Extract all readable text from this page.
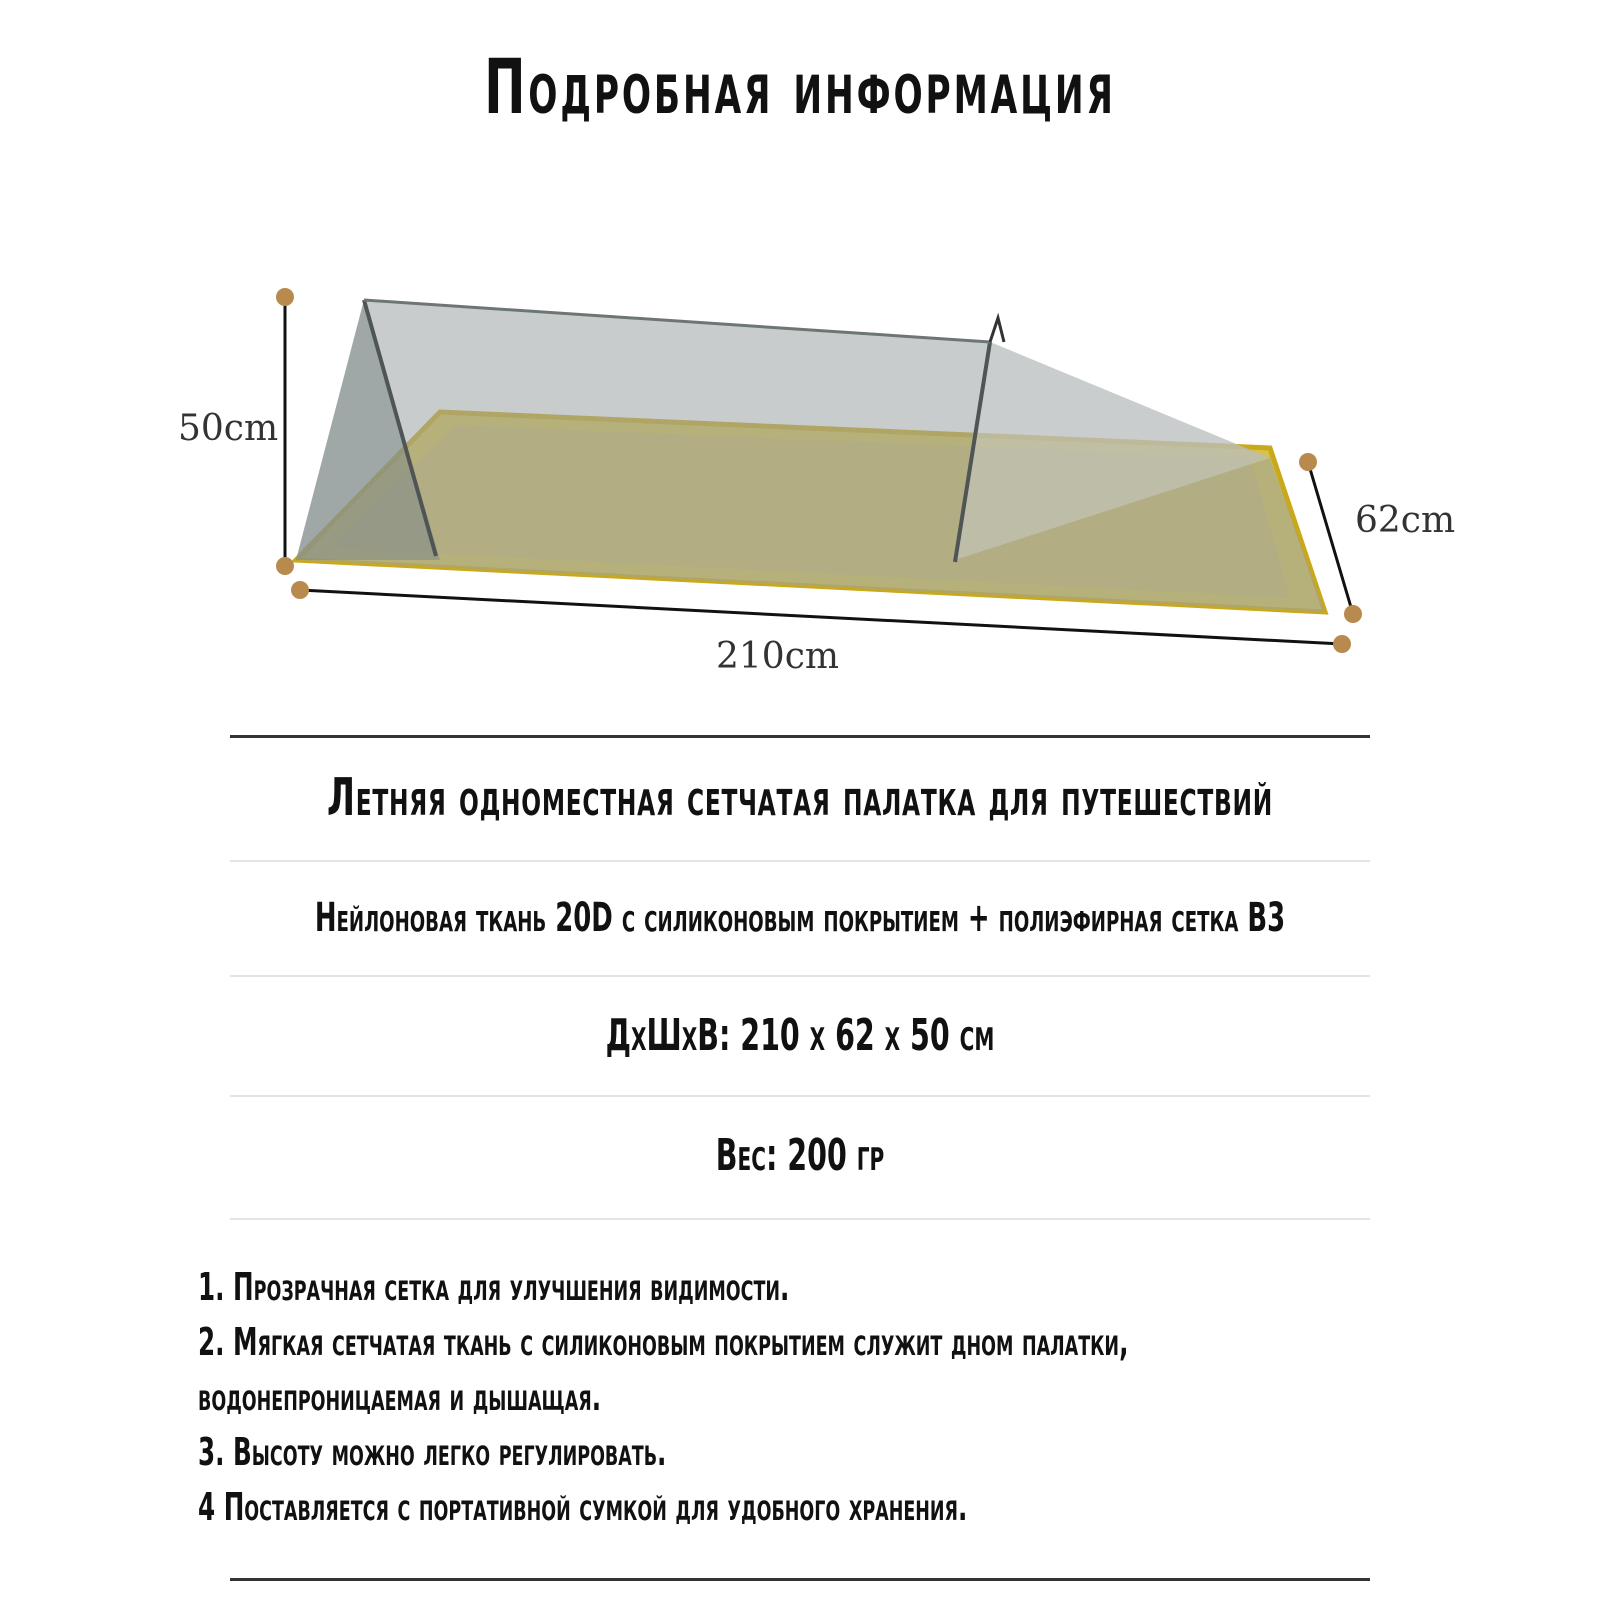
Подробная информация
50cm
62cm
210cm
Летняя одноместная сетчатая палатка для путешествий
Нейлоновая ткань 20D с силиконовым покрытием + полиэфирная сетка B3
ДхШхВ: 210 x 62 x 50 см
Вес: 200 гр
1. Прозрачная сетка для улучшения видимости.
2. Мягкая сетчатая ткань с силиконовым покрытием служит дном палатки,
водонепроницаемая и дышащая.
3. Высоту можно легко регулировать.
4 Поставляется с портативной сумкой для удобного хранения.
